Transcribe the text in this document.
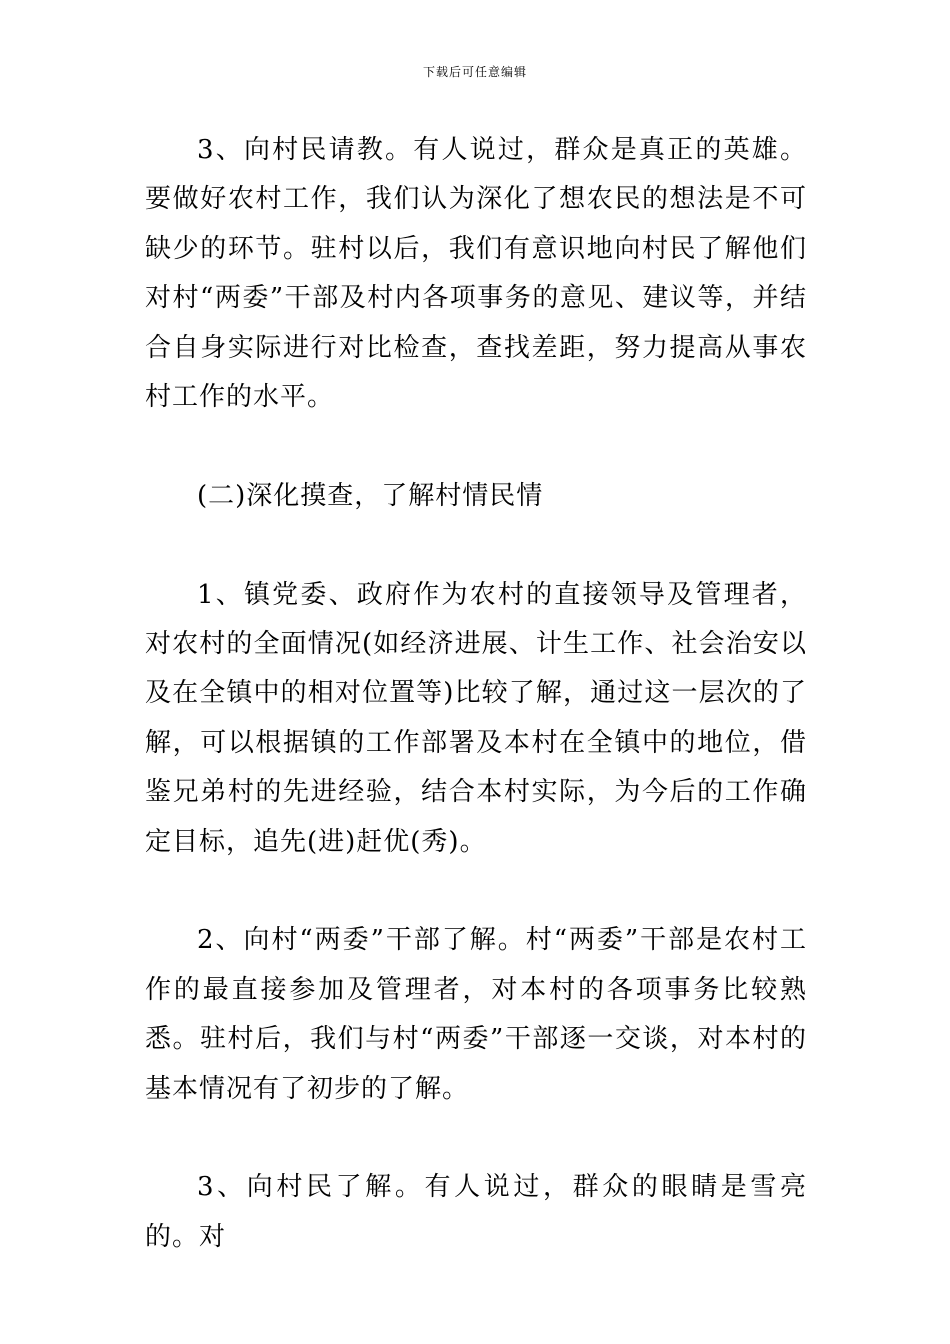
下载后可任意编辑

3、向村民请教。有人说过，群众是真正的英雄。要做好农村工作，我们认为深化了想农民的想法是不可缺少的环节。驻村以后，我们有意识地向村民了解他们对村“两委”干部及村内各项事务的意见、建议等，并结合自身实际进行对比检查，查找差距，努力提高从事农村工作的水平。

(二)深化摸查，了解村情民情

1、镇党委、政府作为农村的直接领导及管理者，对农村的全面情况(如经济进展、计生工作、社会治安以及在全镇中的相对位置等)比较了解，通过这一层次的了解，可以根据镇的工作部署及本村在全镇中的地位，借鉴兄弟村的先进经验，结合本村实际，为今后的工作确定目标，追先(进)赶优(秀)。

2、向村“两委”干部了解。村“两委”干部是农村工作的最直接参加及管理者，对本村的各项事务比较熟悉。驻村后，我们与村“两委”干部逐一交谈，对本村的基本情况有了初步的了解。

3、向村民了解。有人说过，群众的眼睛是雪亮的。对
